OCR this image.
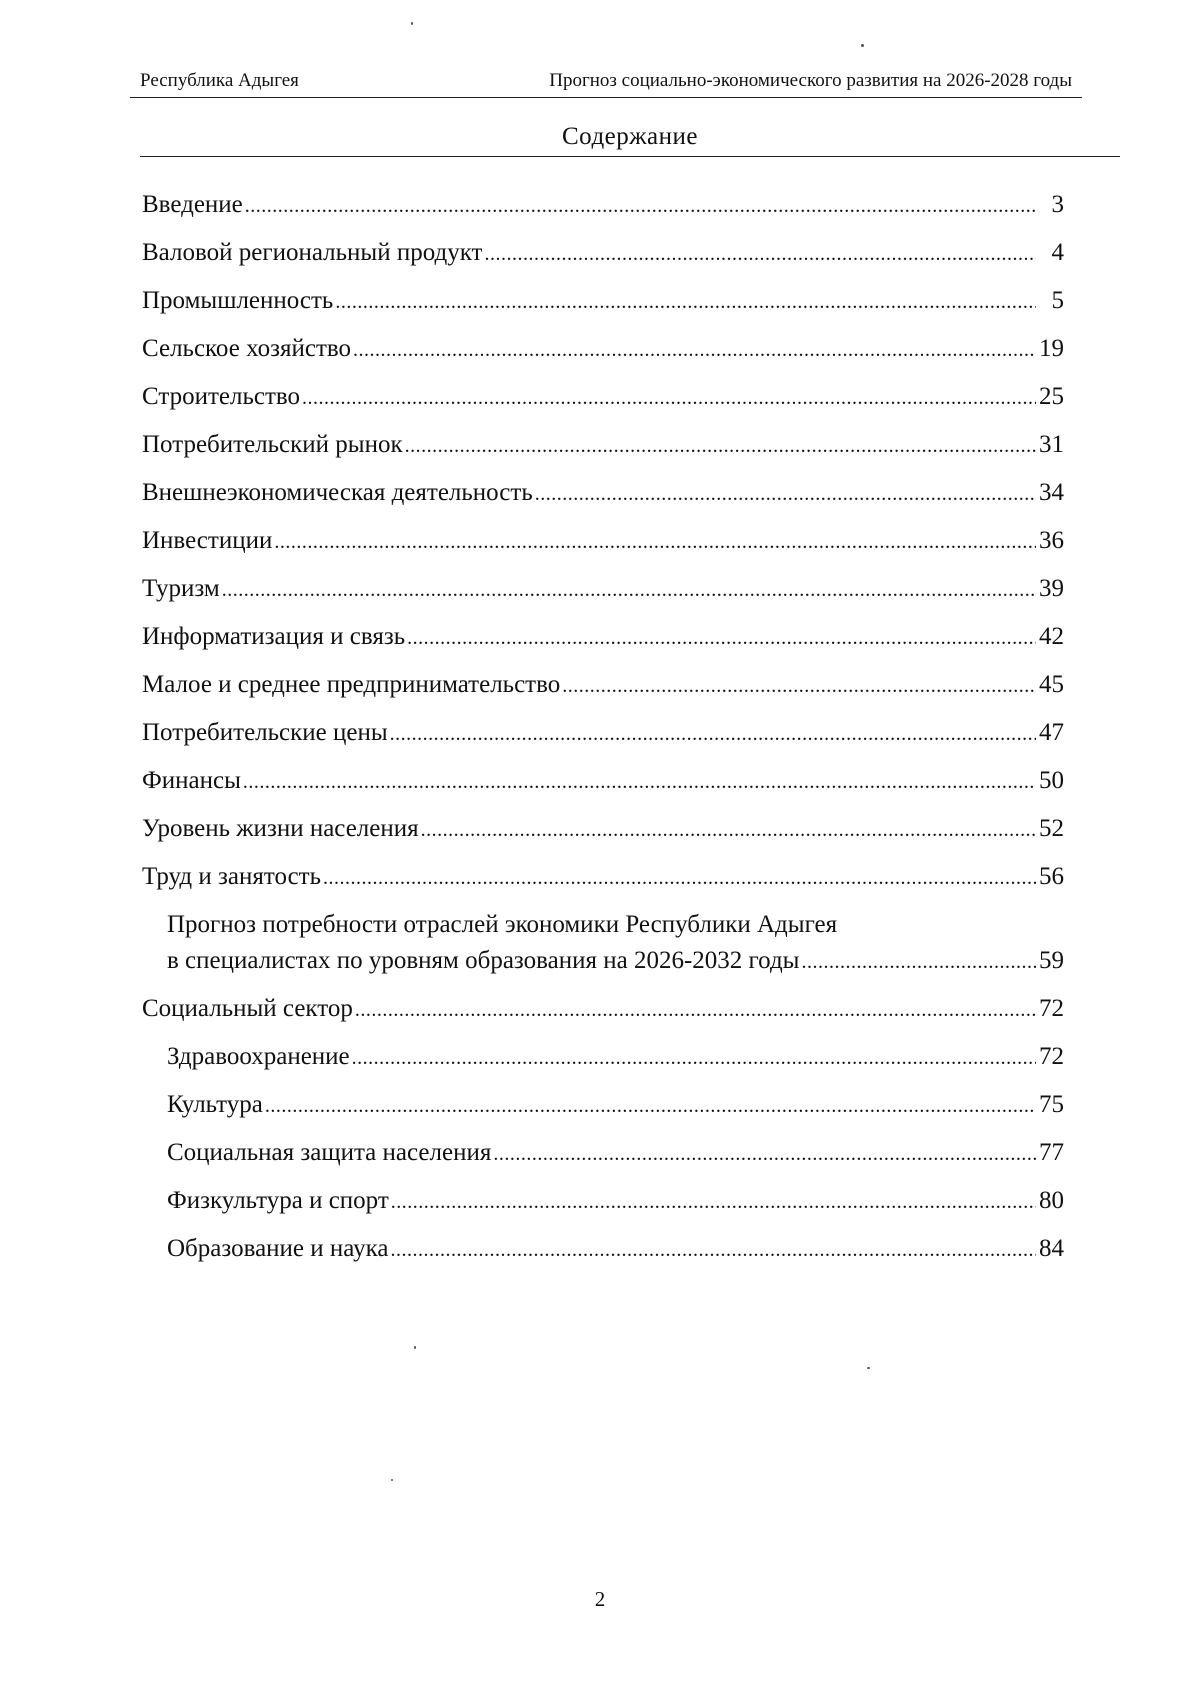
Республика Адыгея	Прогноз социально-экономического развития на 2026-2028 годы
Содержание
Введение .....	3
Валовой региональный продукт .....	4
Промышленность .....	5
Сельское хозяйство .....	19
Строительство .....	25
Потребительский рынок .....	31
Внешнеэкономическая деятельность .....	34
Инвестиции .....	36
Туризм .....	39
Информатизация и связь .....	42
Малое и среднее предпринимательство .....	45
Потребительские цены .....	47
Финансы .....	50
Уровень жизни населения .....	52
Труд и занятость .....	56
Прогноз потребности отраслей экономики Республики Адыгея
в специалистах по уровням образования на 2026-2032 годы .....	59
Социальный сектор .....	72
Здравоохранение .....	72
Культура .....	75
Социальная защита населения .....	77
Физкультура и спорт .....	80
Образование и наука .....	84
2
